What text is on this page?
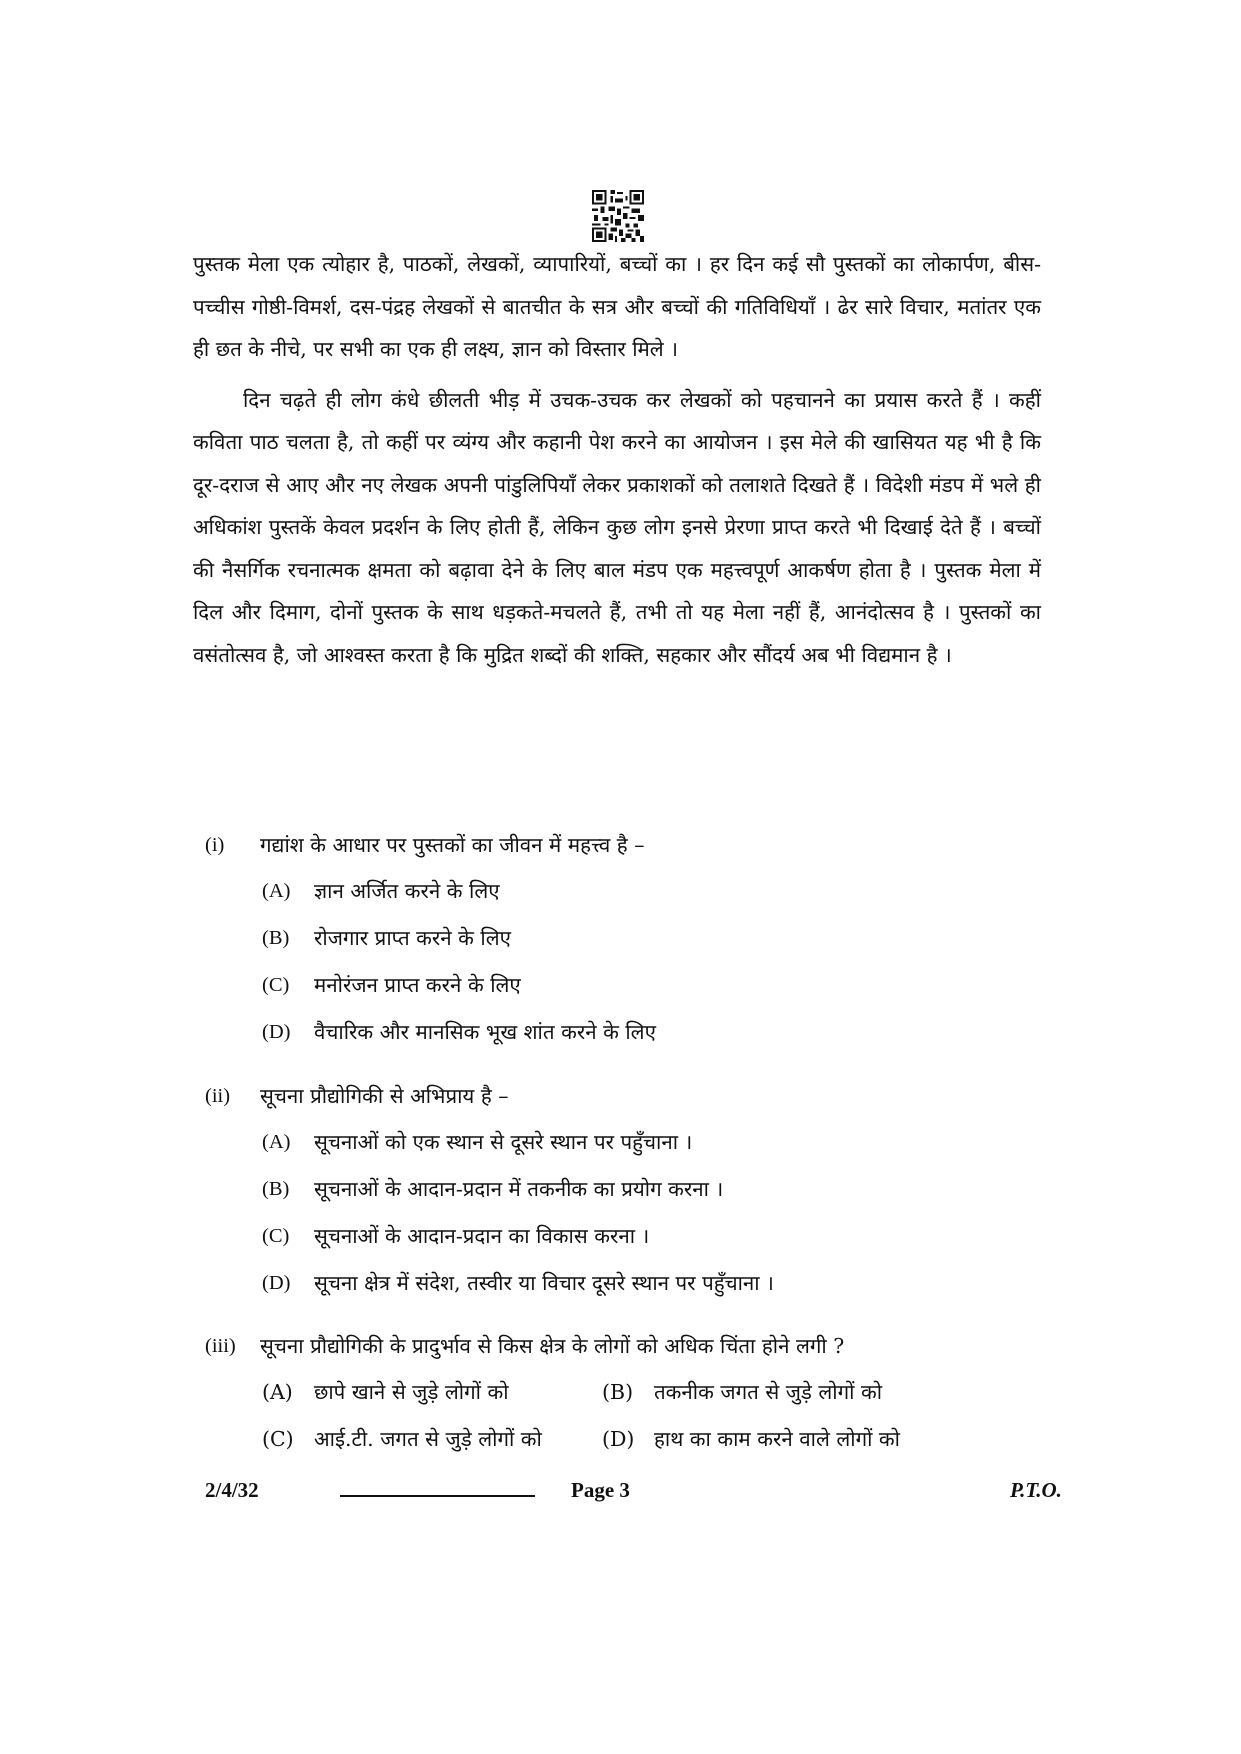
पुस्तक मेला एक त्योहार है, पाठकों, लेखकों, व्यापारियों, बच्चों का । हर दिन कई सौ पुस्तकों का लोकार्पण, बीस-पच्चीस गोष्ठी-विमर्श, दस-पंद्रह लेखकों से बातचीत के सत्र और बच्चों की गतिविधियाँ । ढेर सारे विचार, मतांतर एक ही छत के नीचे, पर सभी का एक ही लक्ष्य, ज्ञान को विस्तार मिले ।

दिन चढ़ते ही लोग कंधे छीलती भीड़ में उचक-उचक कर लेखकों को पहचानने का प्रयास करते हैं । कहीं कविता पाठ चलता है, तो कहीं पर व्यंग्य और कहानी पेश करने का आयोजन । इस मेले की खासियत यह भी है कि दूर-दराज से आए और नए लेखक अपनी पांडुलिपियाँ लेकर प्रकाशकों को तलाशते दिखते हैं । विदेशी मंडप में भले ही अधिकांश पुस्तकें केवल प्रदर्शन के लिए होती हैं, लेकिन कुछ लोग इनसे प्रेरणा प्राप्त करते भी दिखाई देते हैं । बच्चों की नैसर्गिक रचनात्मक क्षमता को बढ़ावा देने के लिए बाल मंडप एक महत्त्वपूर्ण आकर्षण होता है । पुस्तक मेला में दिल और दिमाग, दोनों पुस्तक के साथ धड़कते-मचलते हैं, तभी तो यह मेला नहीं हैं, आनंदोत्सव है । पुस्तकों का वसंतोत्सव है, जो आश्वस्त करता है कि मुद्रित शब्दों की शक्ति, सहकार और सौंदर्य अब भी विद्यमान है ।

(i) गद्यांश के आधार पर पुस्तकों का जीवन में महत्त्व है –
(A) ज्ञान अर्जित करने के लिए
(B) रोजगार प्राप्त करने के लिए
(C) मनोरंजन प्राप्त करने के लिए
(D) वैचारिक और मानसिक भूख शांत करने के लिए
(ii) सूचना प्रौद्योगिकी से अभिप्राय है –
(A) सूचनाओं को एक स्थान से दूसरे स्थान पर पहुँचाना ।
(B) सूचनाओं के आदान-प्रदान में तकनीक का प्रयोग करना ।
(C) सूचनाओं के आदान-प्रदान का विकास करना ।
(D) सूचना क्षेत्र में संदेश, तस्वीर या विचार दूसरे स्थान पर पहुँचाना ।
(iii) सूचना प्रौद्योगिकी के प्रादुर्भाव से किस क्षेत्र के लोगों को अधिक चिंता होने लगी ?
(A) छापे खाने से जुड़े लोगों को	(B) तकनीक जगत से जुड़े लोगों को
(C) आई.टी. जगत से जुड़े लोगों को	(D) हाथ का काम करने वाले लोगों को
2/4/32	Page 3	P.T.O.
